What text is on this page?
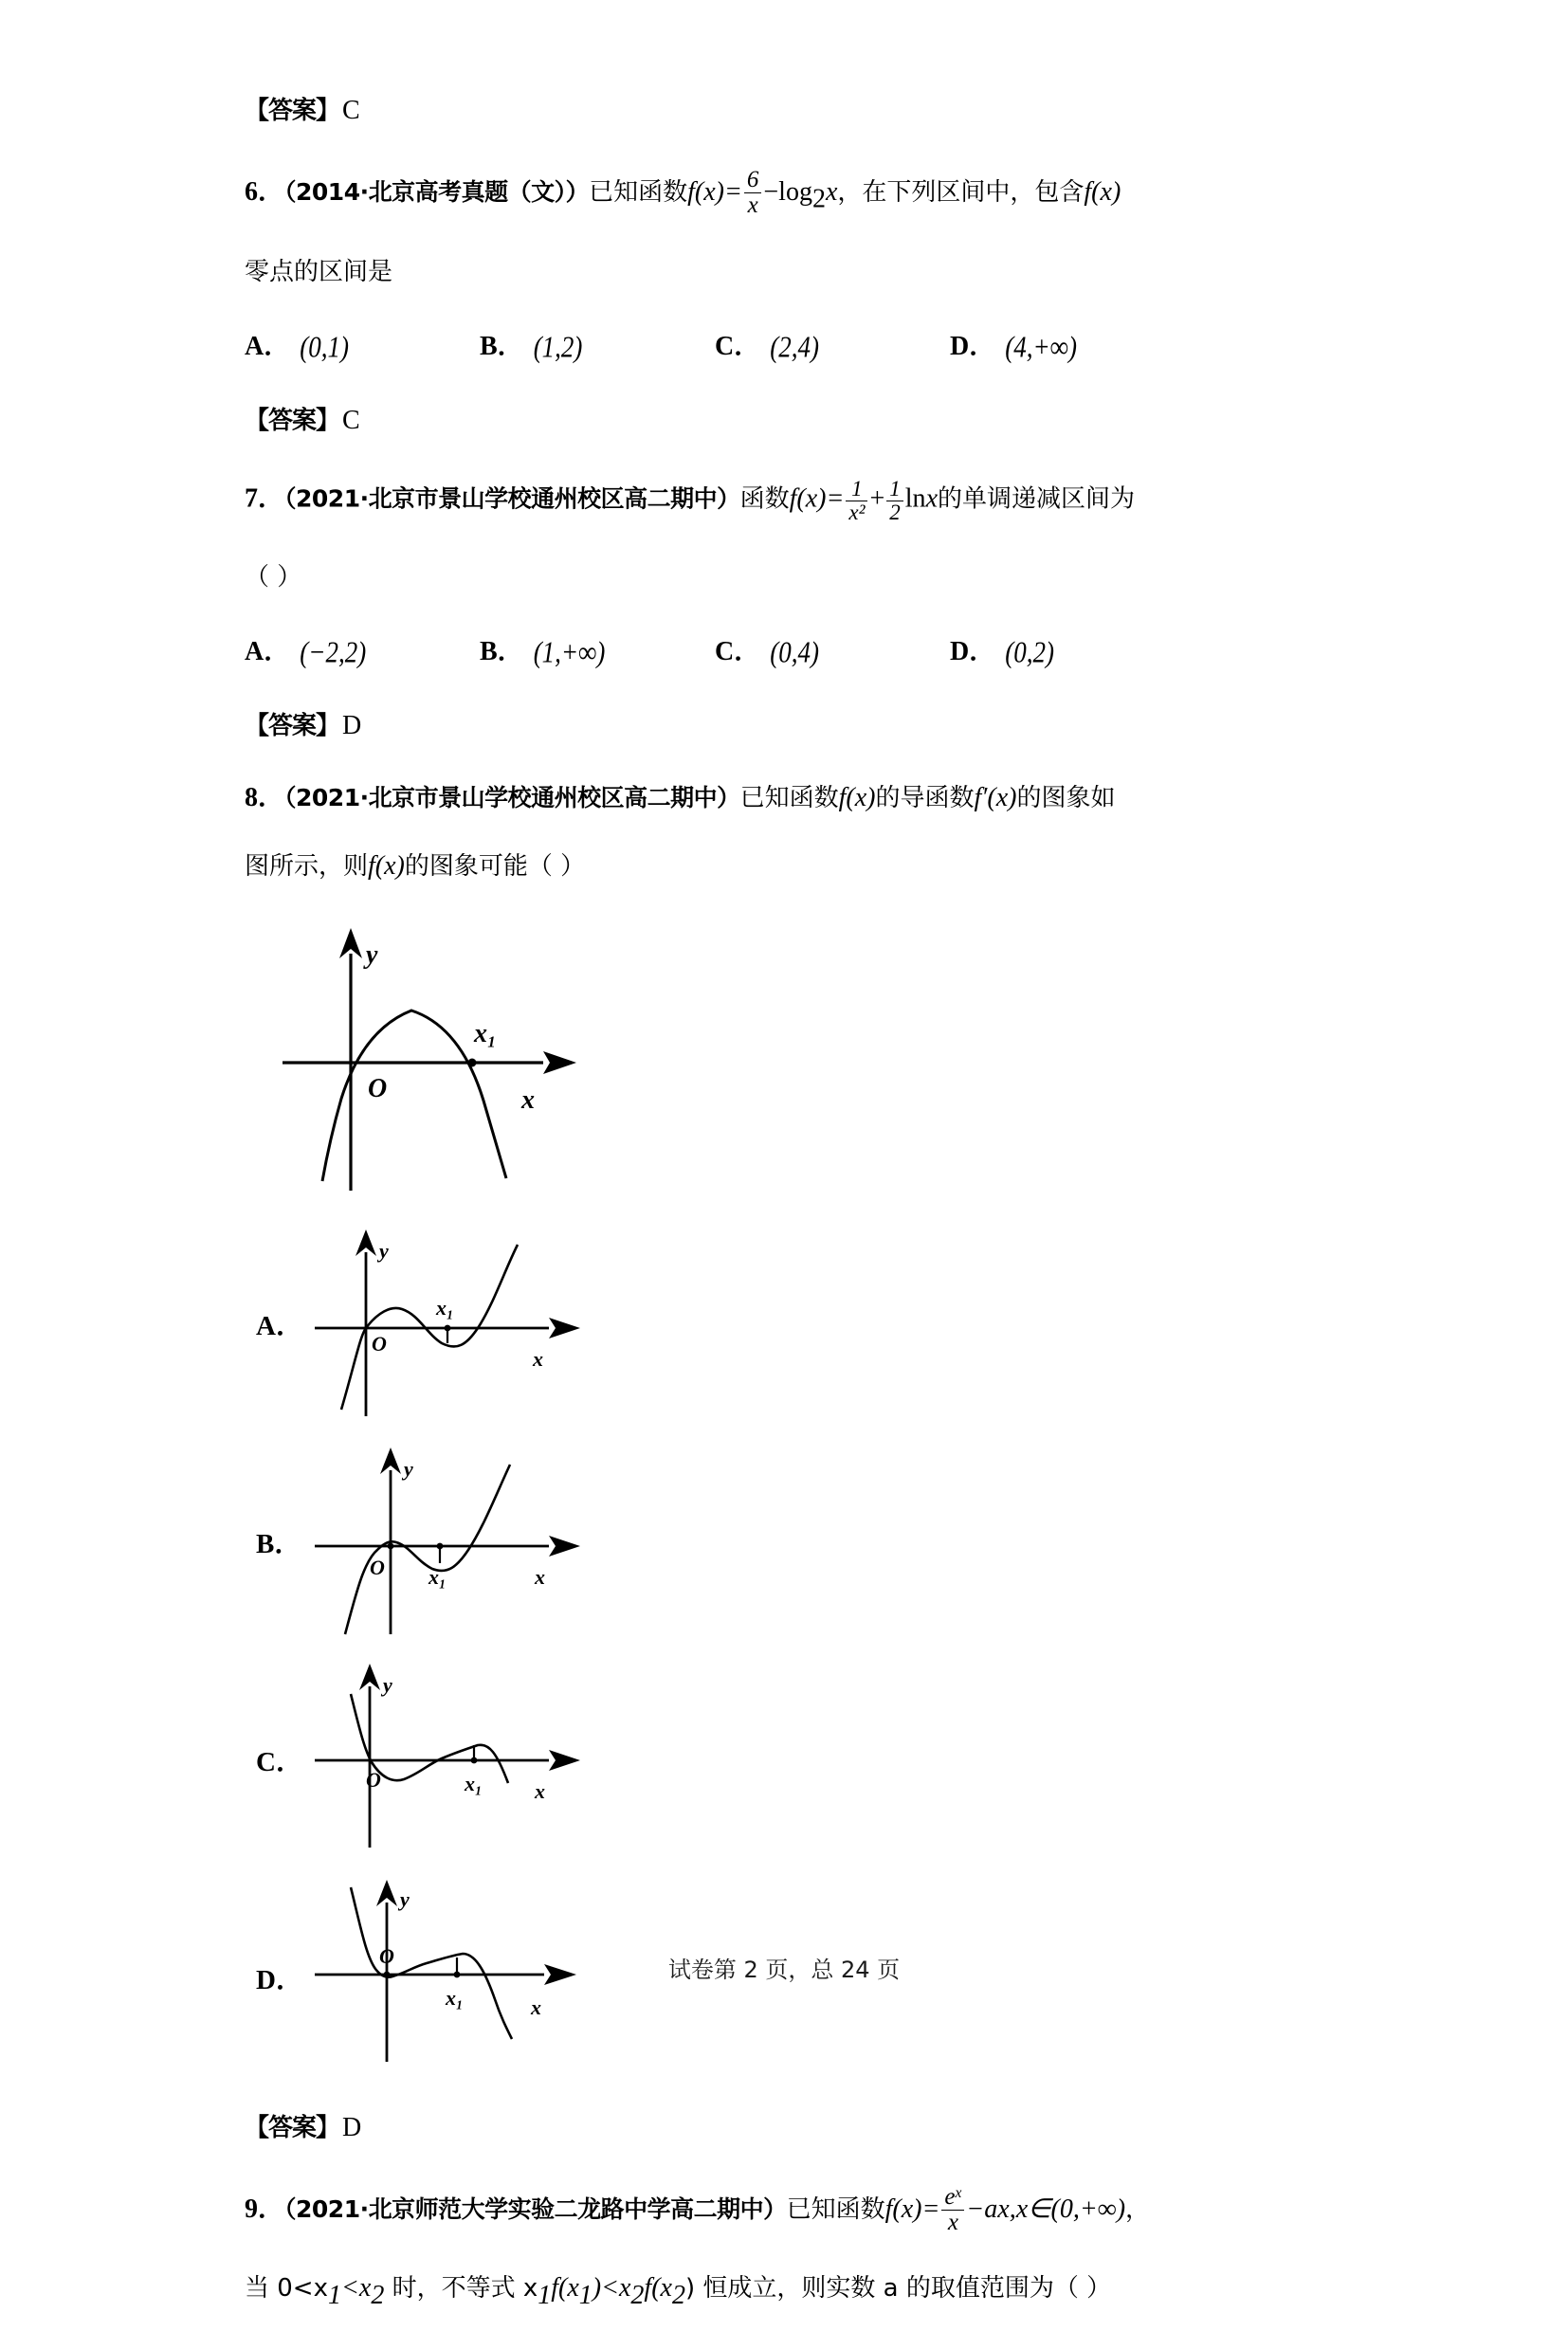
【答案】 C
6．（2014·北京高考真题（文））已知函数$f(x)= \frac{6}{x} -\log_2x$，在下列区间中，包含f(x)
零点的区间是
A． (0,1)	B． (1,2)	C． (2,4)	D． (4,+∞)
【答案】 C
7．（2021·北京市景山学校通州校区高二期中）函数$f(x)= \frac{1}{\text{x²}} + \frac{1}{2}$ lnx的单调递减区间为
（ ）
A． (−2,2)	B． (1,+∞)	C． (0,4)	D． (0,2)
【答案】 D
8．（2021·北京市景山学校通州校区高二期中）已知函数f(x)的导函数f′(x)的图象如
图所示，则f(x)的图象可能（ ）
O
x₁
y
x
A．
O
x₁
y
x
B．
O x₁
y
x
C．
O	x₁
y
x
D．
O
x₁
y
x
【答案】 D
9．（2021·北京师范大学实验二龙路中学高二期中）已知函数$f(x)= \frac{e^x}{x}$ −ax,x∈(0,+∞)，
当 $0<x_1<x_2$ 时，不等式 $x_1f(x_1)<x_2f(x_2)$ 恒成立，则实数 a 的取值范围为（ ）
试卷第 2 页，总 24 页
